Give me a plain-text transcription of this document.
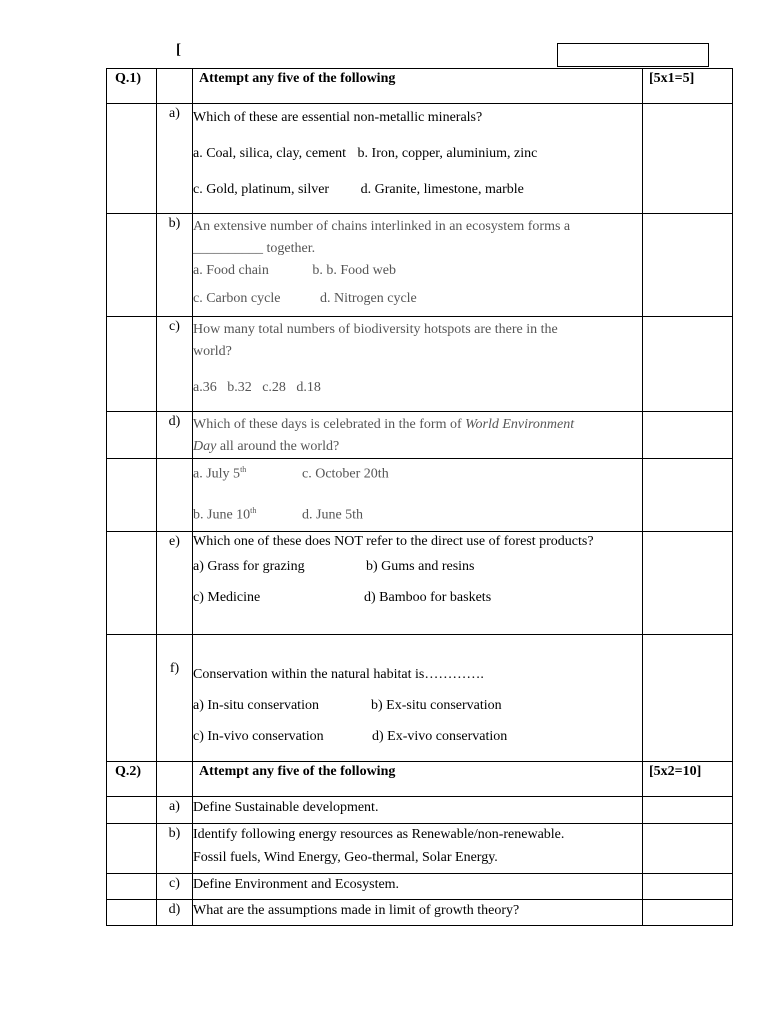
[
Q.1)		Attempt any five of the following	[5x1=5]
	a)	Which of these are essential non-metallic minerals?
a. Coal, silica, clay, cement b. Iron, copper, aluminium, zinc
c. Gold, platinum, silver d. Granite, limestone, marble	

	b)	An extensive number of chains interlinked in an ecosystem forms a
__________ together.
a. Food chain b. b. Food web
c. Carbon cycle d. Nitrogen cycle	

	c)	How many total numbers of biodiversity hotspots are there in the
world?
a.36   b.32   c.28   d.18	

	d)	Which of these days is celebrated in the form of World Environment
Day all around the world?	

		a. July 5th c. October 20th
b. June 10th d. June 5th	

	e)	Which one of these does NOT refer to the direct use of forest products?
a) Grass for grazing b) Gums and resins
c) Medicine d) Bamboo for baskets	

	f)	Conservation within the natural habitat is………….
a) In-situ conservation b) Ex-situ conservation
c) In-vivo conservation d) Ex-vivo conservation	

Q.2)		Attempt any five of the following	[5x2=10]
	a)	Define Sustainable development.	

	b)	Identify following energy resources as Renewable/non-renewable.
Fossil fuels, Wind Energy, Geo-thermal, Solar Energy.	

	c)	Define Environment and Ecosystem.	

	d)	What are the assumptions made in limit of growth theory?	
